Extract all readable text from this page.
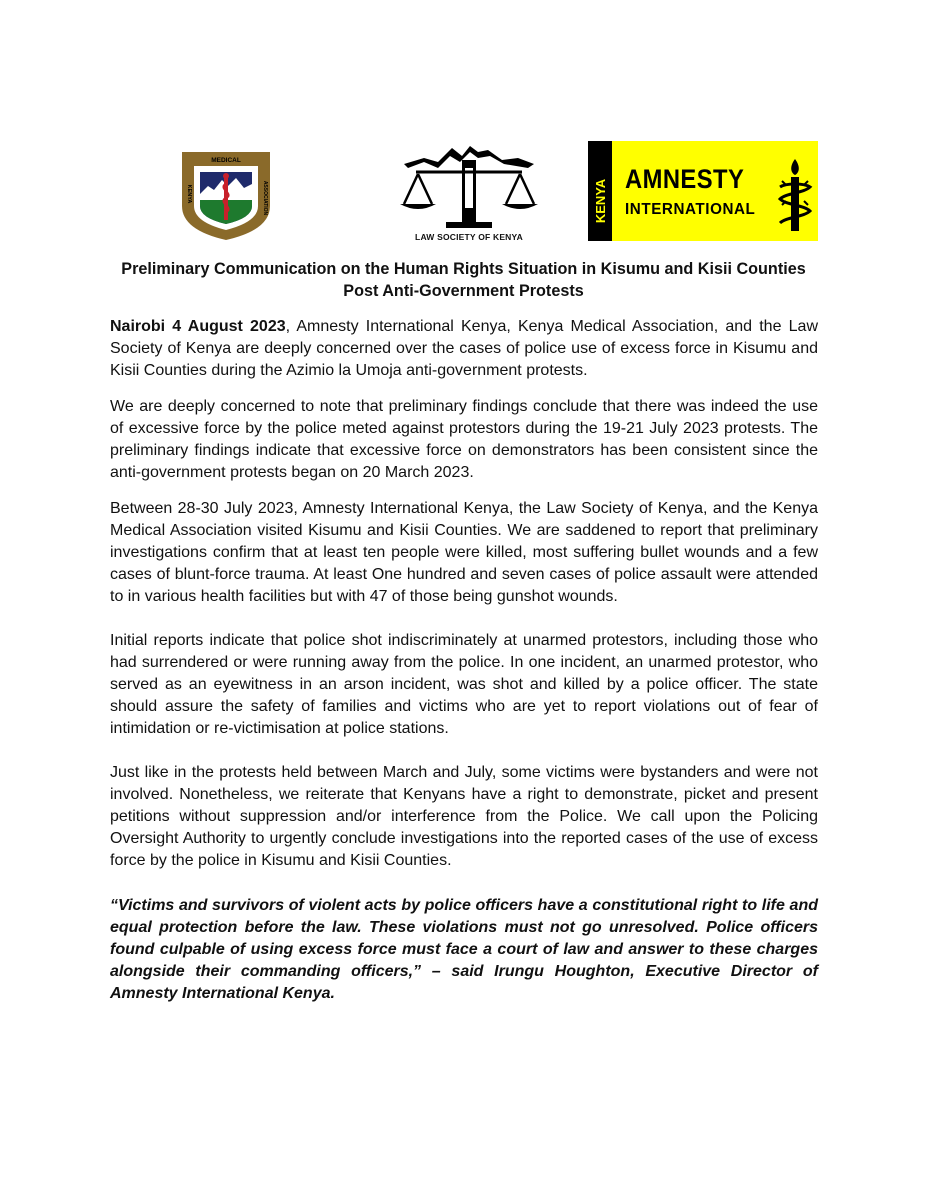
MEDICAL
KENYA	ASSOCIATION
LAW SOCIETY OF KENYA
KENYA AMNESTY
INTERNATIONAL
Preliminary Communication on the Human Rights Situation in Kisumu and Kisii Counties
Post Anti-Government Protests

Nairobi 4 August 2023, Amnesty International Kenya, Kenya Medical Association, and the Law Society of Kenya are deeply concerned over the cases of police use of excess force in Kisumu and Kisii Counties during the Azimio la Umoja anti-government protests.

We are deeply concerned to note that preliminary findings conclude that there was indeed the use of excessive force by the police meted against protestors during the 19-21 July 2023 protests. The preliminary findings indicate that excessive force on demonstrators has been consistent since the anti-government protests began on 20 March 2023.

Between 28-30 July 2023, Amnesty International Kenya, the Law Society of Kenya, and the Kenya Medical Association visited Kisumu and Kisii Counties. We are saddened to report that preliminary investigations confirm that at least ten people were killed, most suffering bullet wounds and a few cases of blunt-force trauma. At least One hundred and seven cases of police assault were attended to in various health facilities but with 47 of those being gunshot wounds.

Initial reports indicate that police shot indiscriminately at unarmed protestors, including those who had surrendered or were running away from the police. In one incident, an unarmed protestor, who served as an eyewitness in an arson incident, was shot and killed by a police officer. The state should assure the safety of families and victims who are yet to report violations out of fear of intimidation or re-victimisation at police stations.

Just like in the protests held between March and July, some victims were bystanders and were not involved. Nonetheless, we reiterate that Kenyans have a right to demonstrate, picket and present petitions without suppression and/or interference from the Police. We call upon the Policing Oversight Authority to urgently conclude investigations into the reported cases of the use of excess force by the police in Kisumu and Kisii Counties.

“Victims and survivors of violent acts by police officers have a constitutional right to life and equal protection before the law. These violations must not go unresolved. Police officers found culpable of using excess force must face a court of law and answer to these charges alongside their commanding officers,” – said Irungu Houghton, Executive Director of Amnesty International Kenya.
